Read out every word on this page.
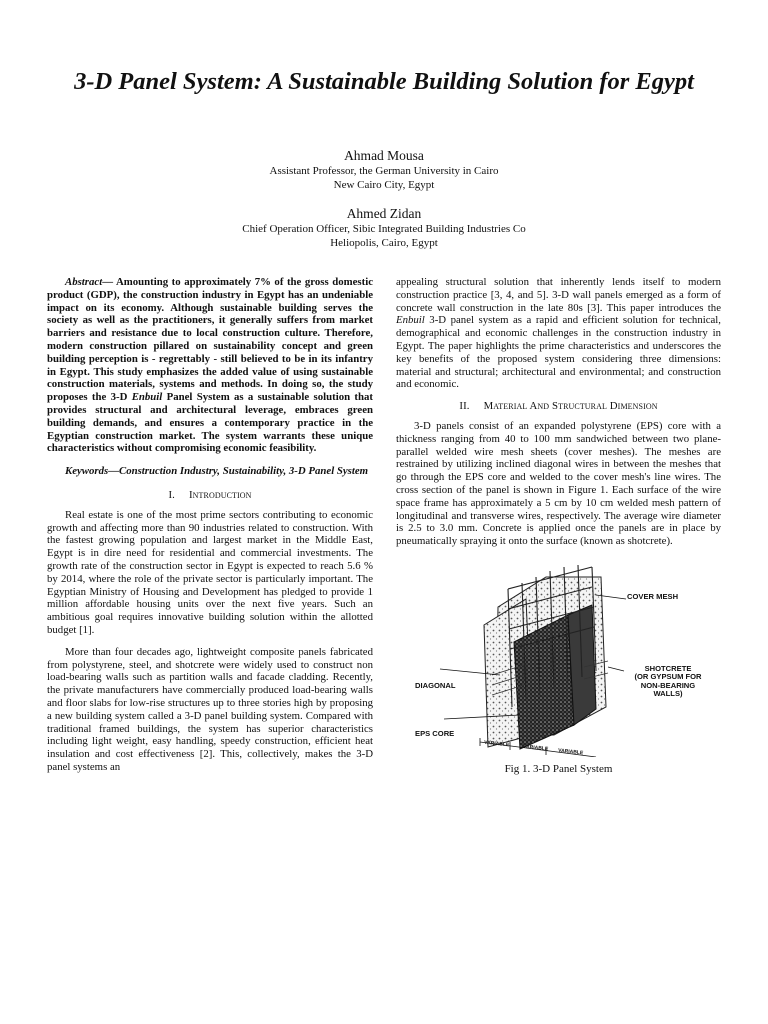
3-D Panel System: A Sustainable Building Solution for Egypt
Ahmad Mousa
Assistant Professor, the German University in Cairo
New Cairo City, Egypt
Ahmed Zidan
Chief Operation Officer, Sibic Integrated Building Industries Co
Heliopolis, Cairo, Egypt

Abstract— Amounting to approximately 7% of the gross domestic product (GDP), the construction industry in Egypt has an undeniable impact on its economy. Although sustainable building serves the society as well as the practitioners, it generally suffers from market barriers and resistance due to local construction culture. Therefore, modern construction pillared on sustainability concept and green building perception is - regrettably - still believed to be in its infantry in Egypt. This study emphasizes the added value of using sustainable construction materials, systems and methods. In doing so, the study proposes the 3-D Enbuil Panel System as a sustainable solution that provides structural and architectural leverage, embraces green building demands, and ensures a contemporary practice in the Egyptian construction market. The system warrants these unique characteristics without compromising economic feasibility.

Keywords—Construction Industry, Sustainability, 3-D Panel System

I. Introduction

Real estate is one of the most prime sectors contributing to economic growth and affecting more than 90 industries related to construction. With the fastest growing population and largest market in the Middle East, Egypt is in dire need for residential and commercial investments. The growth rate of the construction sector in Egypt is expected to reach 5.6 % by 2014, where the role of the private sector is particularly important. The Egyptian Ministry of Housing and Development has pledged to provide 1 million affordable housing units over the next five years. Such an ambitious goal requires innovative building solution within the allotted budget [1].

More than four decades ago, lightweight composite panels fabricated from polystyrene, steel, and shotcrete were widely used to construct non load-bearing walls such as partition walls and facade cladding. Recently, the private manufacturers have commercially produced load-bearing walls and floor slabs for low-rise structures up to three stories high by proposing a new building system called a 3-D panel building system. Compared with traditional framed buildings, the system has superior characteristics including light weight, easy handling, speedy construction, efficient heat insulation and cost effectiveness [2]. This, collectively, makes the 3-D panel systems an

appealing structural solution that inherently lends itself to modern construction practice [3, 4, and 5]. 3-D wall panels emerged as a form of concrete wall construction in the late 80s [3]. This paper introduces the Enbuil 3-D panel system as a rapid and efficient solution for technical, demographical and economic challenges in the construction industry in Egypt. The paper highlights the prime characteristics and underscores the key benefits of the proposed system considering three dimensions: material and structural; architectural and environmental; and construction and economic.

II. Material And Structural Dimension

3-D panels consist of an expanded polystyrene (EPS) core with a thickness ranging from 40 to 100 mm sandwiched between two plane-parallel welded wire mesh sheets (cover meshes). The meshes are restrained by utilizing inclined diagonal wires in between the meshes that go through the EPS core and welded to the cover mesh's line wires. The cross section of the panel is shown in Figure 1. Each surface of the wire space frame has approximately a 5 cm by 10 cm welded mesh pattern of longitudinal and transverse wires, respectively. The average wire diameter is 2.5 to 3.0 mm. Concrete is applied once the panels are in place by pneumatically spraying it onto the surface (known as shotcrete).

COVER MESH
SHOTCRETE
(OR GYPSUM FOR
NON-BEARING
WALLS)
DIAGONAL
EPS CORE
VARIABLE	VARIABLE VARIABLE
Fig 1. 3-D Panel System
